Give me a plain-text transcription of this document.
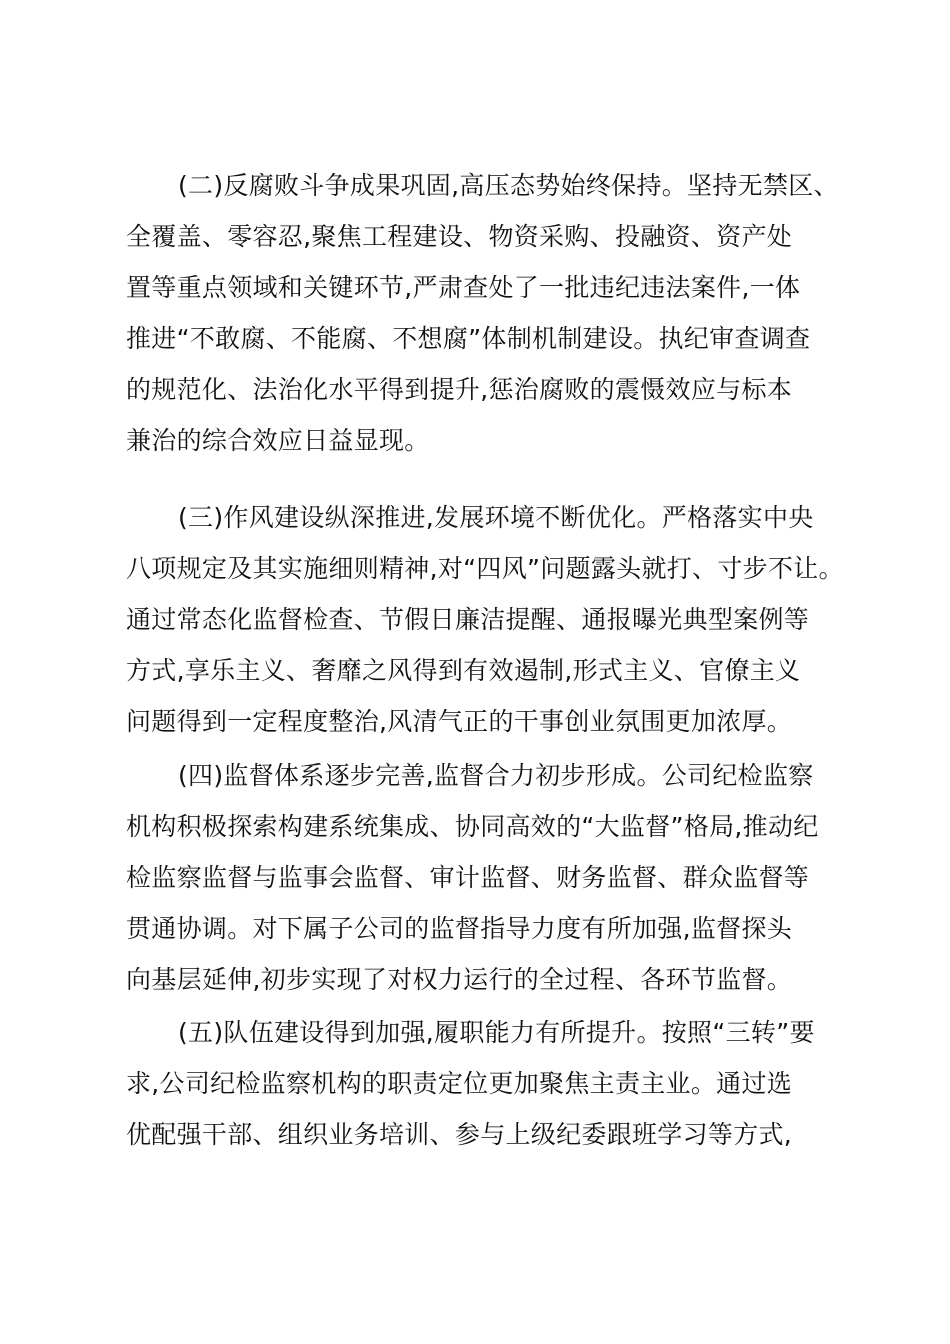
(二)反腐败斗争成果巩固,高压态势始终保持。坚持无禁区、
全覆盖、零容忍,聚焦工程建设、物资采购、投融资、资产处
置等重点领域和关键环节,严肃查处了一批违纪违法案件,一体
推进“不敢腐、不能腐、不想腐”体制机制建设。执纪审查调查
的规范化、法治化水平得到提升,惩治腐败的震慑效应与标本
兼治的综合效应日益显现。
(三)作风建设纵深推进,发展环境不断优化。严格落实中央
八项规定及其实施细则精神,对“四风”问题露头就打、寸步不让。
通过常态化监督检查、节假日廉洁提醒、通报曝光典型案例等
方式,享乐主义、奢靡之风得到有效遏制,形式主义、官僚主义
问题得到一定程度整治,风清气正的干事创业氛围更加浓厚。
(四)监督体系逐步完善,监督合力初步形成。公司纪检监察
机构积极探索构建系统集成、协同高效的“大监督”格局,推动纪
检监察监督与监事会监督、审计监督、财务监督、群众监督等
贯通协调。对下属子公司的监督指导力度有所加强,监督探头
向基层延伸,初步实现了对权力运行的全过程、各环节监督。
(五)队伍建设得到加强,履职能力有所提升。按照“三转”要
求,公司纪检监察机构的职责定位更加聚焦主责主业。通过选
优配强干部、组织业务培训、参与上级纪委跟班学习等方式,
